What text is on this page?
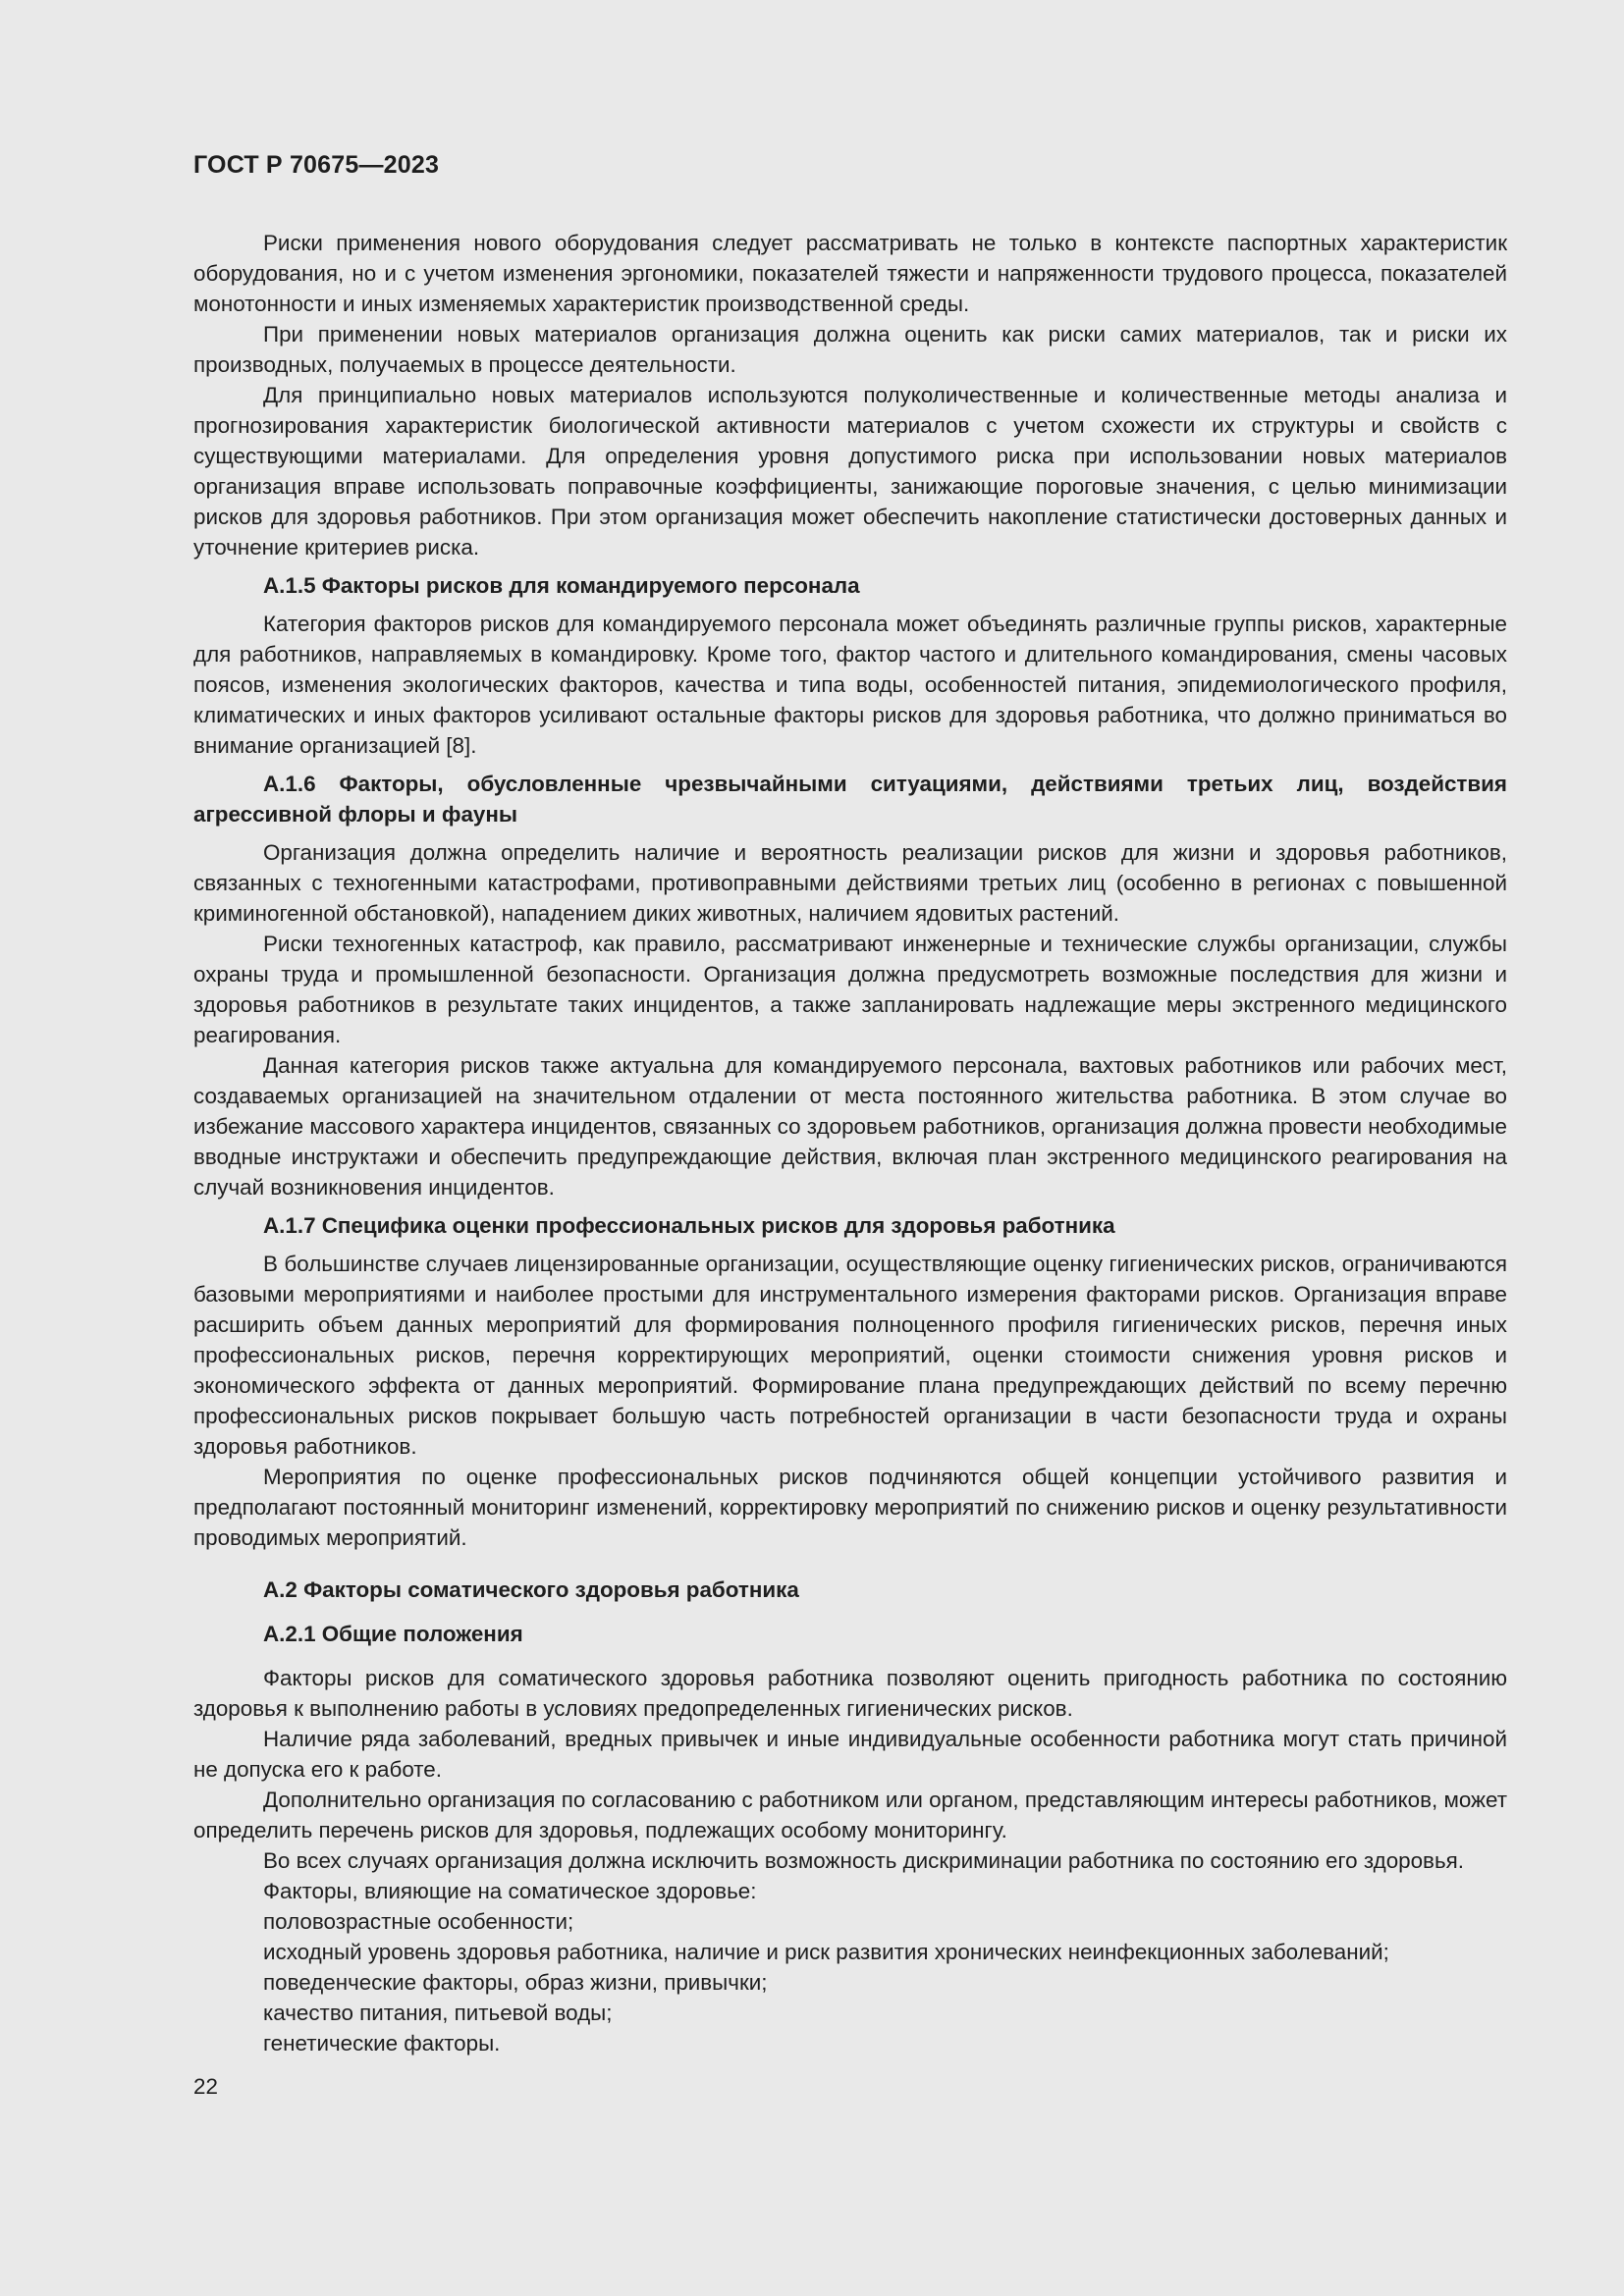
ГОСТ Р 70675—2023

Риски применения нового оборудования следует рассматривать не только в контексте паспортных характеристик оборудования, но и с учетом изменения эргономики, показателей тяжести и напряженности трудового процесса, показателей монотонности и иных изменяемых характеристик производственной среды.

При применении новых материалов организация должна оценить как риски самих материалов, так и риски их производных, получаемых в процессе деятельности.

Для принципиально новых материалов используются полуколичественные и количественные методы анализа и прогнозирования характеристик биологической активности материалов с учетом схожести их структуры и свойств с существующими материалами. Для определения уровня допустимого риска при использовании новых материалов организация вправе использовать поправочные коэффициенты, занижающие пороговые значения, с целью минимизации рисков для здоровья работников. При этом организация может обеспечить накопление статистически достоверных данных и уточнение критериев риска.

А.1.5 Факторы рисков для командируемого персонала

Категория факторов рисков для командируемого персонала может объединять различные группы рисков, характерные для работников, направляемых в командировку. Кроме того, фактор частого и длительного командирования, смены часовых поясов, изменения экологических факторов, качества и типа воды, особенностей питания, эпидемиологического профиля, климатических и иных факторов усиливают остальные факторы рисков для здоровья работника, что должно приниматься во внимание организацией [8].

А.1.6 Факторы, обусловленные чрезвычайными ситуациями, действиями третьих лиц, воздействия агрессивной флоры и фауны

Организация должна определить наличие и вероятность реализации рисков для жизни и здоровья работников, связанных с техногенными катастрофами, противоправными действиями третьих лиц (особенно в регионах с повышенной криминогенной обстановкой), нападением диких животных, наличием ядовитых растений.

Риски техногенных катастроф, как правило, рассматривают инженерные и технические службы организации, службы охраны труда и промышленной безопасности. Организация должна предусмотреть возможные последствия для жизни и здоровья работников в результате таких инцидентов, а также запланировать надлежащие меры экстренного медицинского реагирования.

Данная категория рисков также актуальна для командируемого персонала, вахтовых работников или рабочих мест, создаваемых организацией на значительном отдалении от места постоянного жительства работника. В этом случае во избежание массового характера инцидентов, связанных со здоровьем работников, организация должна провести необходимые вводные инструктажи и обеспечить предупреждающие действия, включая план экстренного медицинского реагирования на случай возникновения инцидентов.

А.1.7 Специфика оценки профессиональных рисков для здоровья работника

В большинстве случаев лицензированные организации, осуществляющие оценку гигиенических рисков, ограничиваются базовыми мероприятиями и наиболее простыми для инструментального измерения факторами рисков. Организация вправе расширить объем данных мероприятий для формирования полноценного профиля гигиенических рисков, перечня иных профессиональных рисков, перечня корректирующих мероприятий, оценки стоимости снижения уровня рисков и экономического эффекта от данных мероприятий. Формирование плана предупреждающих действий по всему перечню профессиональных рисков покрывает большую часть потребностей организации в части безопасности труда и охраны здоровья работников.

Мероприятия по оценке профессиональных рисков подчиняются общей концепции устойчивого развития и предполагают постоянный мониторинг изменений, корректировку мероприятий по снижению рисков и оценку результативности проводимых мероприятий.

А.2 Факторы соматического здоровья работника
А.2.1 Общие положения

Факторы рисков для соматического здоровья работника позволяют оценить пригодность работника по состоянию здоровья к выполнению работы в условиях предопределенных гигиенических рисков.

Наличие ряда заболеваний, вредных привычек и иные индивидуальные особенности работника могут стать причиной не допуска его к работе.

Дополнительно организация по согласованию с работником или органом, представляющим интересы работников, может определить перечень рисков для здоровья, подлежащих особому мониторингу.

Во всех случаях организация должна исключить возможность дискриминации работника по состоянию его здоровья.

Факторы, влияющие на соматическое здоровье:
половозрастные особенности;
исходный уровень здоровья работника, наличие и риск развития хронических неинфекционных заболеваний;
поведенческие факторы, образ жизни, привычки;
качество питания, питьевой воды;
генетические факторы.
22
